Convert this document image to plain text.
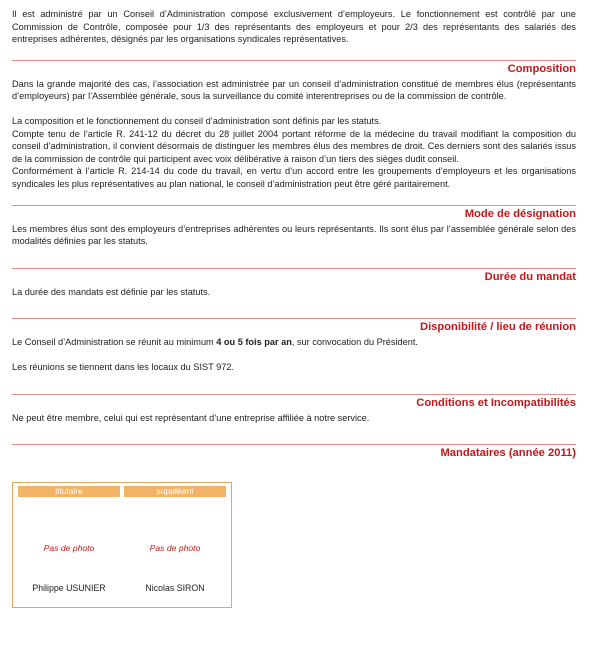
Il est administré par un Conseil d’Administration composé exclusivement d’employeurs. Le fonctionnement est contrôlé par une Commission de Contrôle, composée pour 1/3 des représentants des employeurs et pour 2/3 des représentants des salariés des entreprises adhérentes, désignés par les organisations syndicales représentatives.

Composition

Dans la grande majorité des cas, l’association est administrée par un conseil d’administration constitué de membres élus (représentants d’employeurs) par l’Assemblée générale, sous la surveillance du comité interentreprises ou de la commission de contrôle.

La composition et le fonctionnement du conseil d’administration sont définis par les statuts.

Compte tenu de l’article R. 241-12 du décret du 28 juillet 2004 portant réforme de la médecine du travail modifiant la composition du conseil d’administration, il convient désormais de distinguer les membres élus des membres de droit. Ces derniers sont des salariés issus de la commission de contrôle qui participent avec voix délibérative à raison d’un tiers des sièges dudit conseil.

Conformément à l’article R. 214-14 du code du travail, en vertu d’un accord entre les groupements d’employeurs et les organisations syndicales les plus représentatives au plan national, le conseil d’administration peut être géré paritairement.

Mode de désignation

Les membres élus sont des employeurs d’entreprises adhérentes ou leurs représentants. Ils sont élus par l’assemblée générale selon des modalités définies par les statuts.

Durée du mandat

La durée des mandats est définie par les statuts.

Disponibilité / lieu de réunion

Le Conseil d’Administration se réunit au minimum 4 ou 5 fois par an, sur convocation du Président.

Les réunions se tiennent dans les locaux du SIST 972.

Conditions et Incompatibilités

Ne peut être membre, celui qui est représentant d’une entreprise affiliée à notre service.

Mandataires (année 2011)
titulaire	suppléant
Pas de photo
Philippe USUNIER
Pas de photo
Nicolas SIRON
